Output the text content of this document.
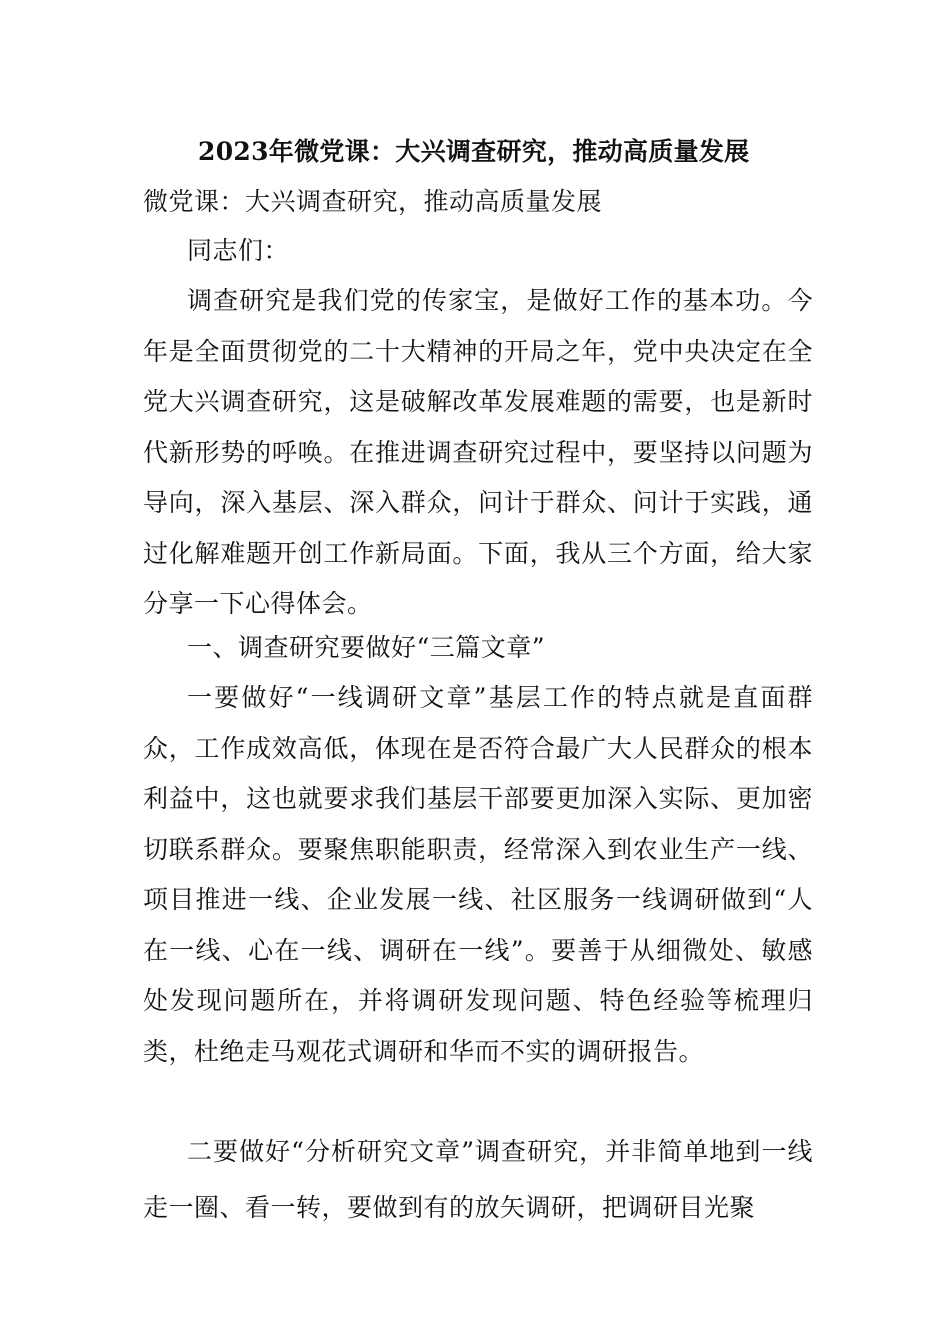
2023年微党课：大兴调查研究，推动高质量发展

微党课：大兴调查研究，推动高质量发展

同志们：

调查研究是我们党的传家宝，是做好工作的基本功。今年是全面贯彻党的二十大精神的开局之年，党中央决定在全党大兴调查研究，这是破解改革发展难题的需要，也是新时代新形势的呼唤。在推进调查研究过程中，要坚持以问题为导向，深入基层、深入群众，问计于群众、问计于实践，通过化解难题开创工作新局面。下面，我从三个方面，给大家分享一下心得体会。

一、调查研究要做好“三篇文章”

一要做好“一线调研文章”基层工作的特点就是直面群众，工作成效高低，体现在是否符合最广大人民群众的根本利益中，这也就要求我们基层干部要更加深入实际、更加密切联系群众。要聚焦职能职责，经常深入到农业生产一线、项目推进一线、企业发展一线、社区服务一线调研做到“人在一线、心在一线、调研在一线”。要善于从细微处、敏感处发现问题所在，并将调研发现问题、特色经验等梳理归类，杜绝走马观花式调研和华而不实的调研报告。

二要做好“分析研究文章”调查研究，并非简单地到一线走一圈、看一转，要做到有的放矢调研，把调研目光聚
